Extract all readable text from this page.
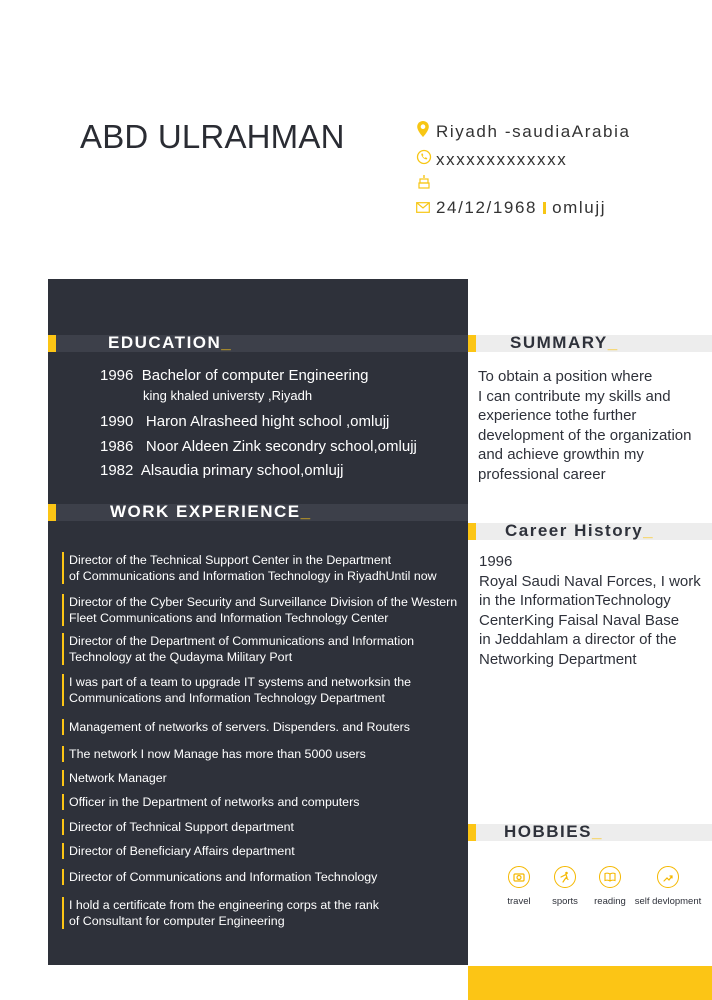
ABD ULRAHMAN	Riyadh -saudiaArabia
xxxxxxxxxxxxx
24/12/1968 omlujj
EDUCATION_	SUMMARY_
1996 Bachelor of computer Engineering
king khaled universty ,Riyadh
1990 Haron Alrasheed hight school ,omlujj
1986 Noor Aldeen Zink secondry school,omlujj
1982 Alsaudia primary school,omlujj
To obtain a position where
I can contribute my skills and
experience tothe further
development of the organization
and achieve growthin my
professional career
WORK EXPERIENCE_
Career History_
Director of the Technical Support Center in the Department
of Communications and Information Technology in RiyadhUntil now
Director of the Cyber Security and Surveillance Division of the Western
Fleet Communications and Information Technology Center
Director of the Department of Communications and Information
Technology at the Qudayma Military Port
I was part of a team to upgrade IT systems and networksin the
Communications and Information Technology Department
Management of networks of servers. Dispenders. and Routers
The network I now Manage has more than 5000 users
Network Manager
Officer in the Department of networks and computers
Director of Technical Support department
Director of Beneficiary Affairs department
Director of Communications and Information Technology
I hold a certificate from the engineering corps at the rank
of Consultant for computer Engineering
1996
Royal Saudi Naval Forces, I work
in the InformationTechnology
CenterKing Faisal Naval Base
in Jeddahlam a director of the
Networking Department
HOBBIES_
travel	sports	reading self devlopment
